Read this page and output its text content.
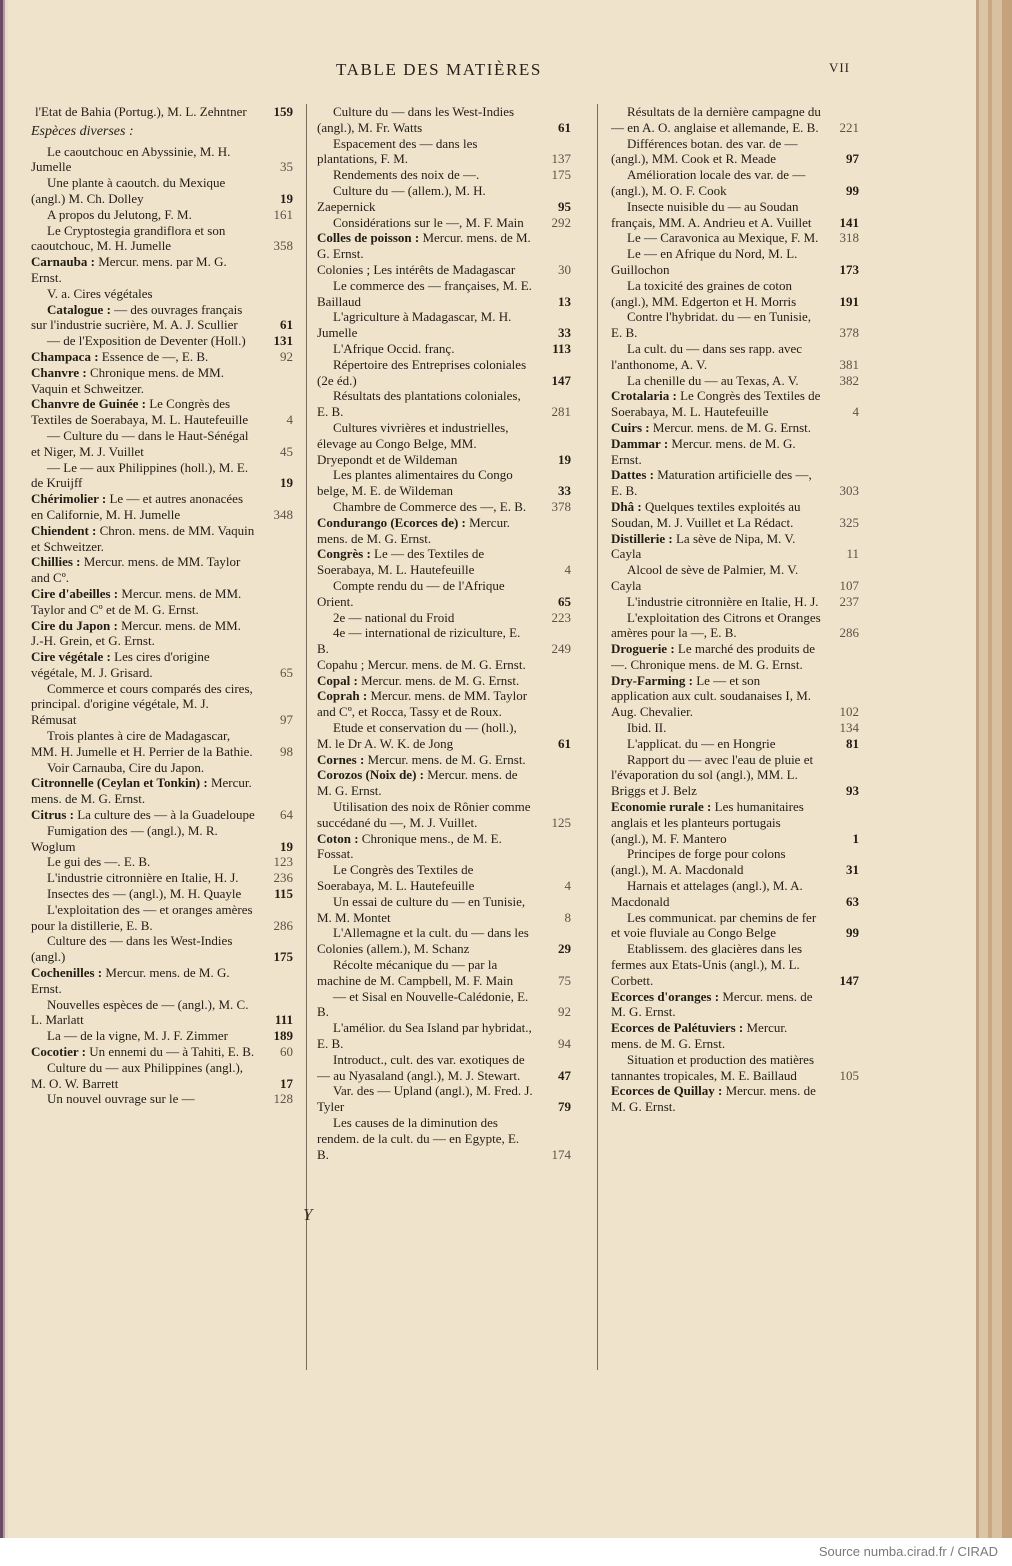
TABLE DES MATIÈRES	VII
l'Etat de Bahia (Portug.), M. L. Zehntner	159
Espèces diverses :
Le caoutchouc en Abyssinie, M. H. Jumelle	35
Une plante à caoutch. du Mexique (angl.) M. Ch. Dolley	19
A propos du Jelutong, F. M.	161
Le Cryptostegia grandiflora et son caoutchouc, M. H. Jumelle	358
Carnauba : Mercur. mens. par M. G. Ernst.
V. a. Cires végétales
Catalogue : — des ouvrages français sur l'industrie sucrière, M. A. J. Scullier	61
— de l'Exposition de Deventer (Holl.)	131
Champaca : Essence de —, E. B.	92
Chanvre : Chronique mens. de MM. Vaquin et Schweitzer.
Chanvre de Guinée : Le Congrès des Textiles de Soerabaya, M. L. Hautefeuille	4
— Culture du — dans le Haut-Sénégal et Niger, M. J. Vuillet	45
— Le — aux Philippines (holl.), M. E. de Kruijff	19
Chérimolier : Le — et autres anonacées en Californie, M. H. Jumelle	348
Chiendent : Chron. mens. de MM. Vaquin et Schweitzer.
Chillies : Mercur. mens. de MM. Taylor and Cº.
Cire d'abeilles : Mercur. mens. de MM. Taylor and Cº et de M. G. Ernst.
Cire du Japon : Mercur. mens. de MM. J.-H. Grein, et G. Ernst.
Cire végétale : Les cires d'origine végétale, M. J. Grisard.	65
Commerce et cours comparés des cires, principal. d'origine végétale, M. J. Rémusat	97
Trois plantes à cire de Madagascar, MM. H. Jumelle et H. Perrier de la Bathie.	98
Voir Carnauba, Cire du Japon.
Citronnelle (Ceylan et Tonkin) : Mercur. mens. de M. G. Ernst.
Citrus : La culture des — à la Guadeloupe	64
Fumigation des — (angl.), M. R. Woglum	19
Le gui des —. E. B.	123
L'industrie citronnière en Italie, H. J.	236
Insectes des — (angl.), M. H. Quayle	115
L'exploitation des — et oranges amères pour la distillerie, E. B.	286
Culture des — dans les West-Indies (angl.)	175
Cochenilles : Mercur. mens. de M. G. Ernst.
Nouvelles espèces de — (angl.), M. C. L. Marlatt	111
La — de la vigne, M. J. F. Zimmer	189
Cocotier : Un ennemi du — à Tahiti, E. B.	60
Culture du — aux Philippines (angl.), M. O. W. Barrett	17
Un nouvel ouvrage sur le —	128
Culture du — dans les West-Indies (angl.), M. Fr. Watts	61
Espacement des — dans les plantations, F. M.	137
Rendements des noix de —.	175
Culture du — (allem.), M. H. Zaepernick	95
Considérations sur le —, M. F. Main	292
Colles de poisson : Mercur. mens. de M. G. Ernst.
Colonies ; Les intérêts de Madagascar	30
Le commerce des — françaises, M. E. Baillaud	13
L'agriculture à Madagascar, M. H. Jumelle	33
L'Afrique Occid. franç.	113
Répertoire des Entreprises coloniales (2e éd.)	147
Résultats des plantations coloniales, E. B.	281
Cultures vivrières et industrielles, élevage au Congo Belge, MM. Dryepondt et de Wildeman	19
Les plantes alimentaires du Congo belge, M. E. de Wildeman	33
Chambre de Commerce des —, E. B.	378
Condurango (Ecorces de) : Mercur. mens. de M. G. Ernst.
Congrès : Le — des Textiles de Soerabaya, M. L. Hautefeuille	4
Compte rendu du — de l'Afrique Orient.	65
2e — national du Froid	223
4e — international de riziculture, E. B.	249
Copahu ; Mercur. mens. de M. G. Ernst.
Copal : Mercur. mens. de M. G. Ernst.
Coprah : Mercur. mens. de MM. Taylor and Cº, et Rocca, Tassy et de Roux.
Etude et conservation du — (holl.), M. le Dr A. W. K. de Jong	61
Cornes : Mercur. mens. de M. G. Ernst.
Corozos (Noix de) : Mercur. mens. de M. G. Ernst.
Utilisation des noix de Rônier comme succédané du —, M. J. Vuillet.	125
Coton : Chronique mens., de M. E. Fossat.
Le Congrès des Textiles de Soerabaya, M. L. Hautefeuille	4
Un essai de culture du — en Tunisie, M. M. Montet	8
L'Allemagne et la cult. du — dans les Colonies (allem.), M. Schanz	29
Récolte mécanique du — par la machine de M. Campbell, M. F. Main	75
— et Sisal en Nouvelle-Calédonie, E. B.	92
L'amélior. du Sea Island par hybridat., E. B.	94
Introduct., cult. des var. exotiques de — au Nyasaland (angl.), M. J. Stewart.	47
Var. des — Upland (angl.), M. Fred. J. Tyler	79
Les causes de la diminution des rendem. de la cult. du — en Egypte, E. B.	174
Résultats de la dernière campagne du — en A. O. anglaise et allemande, E. B.	221
Différences botan. des var. de — (angl.), MM. Cook et R. Meade	97
Amélioration locale des var. de — (angl.), M. O. F. Cook	99
Insecte nuisible du — au Soudan français, MM. A. Andrieu et A. Vuillet	141
Le — Caravonica au Mexique, F. M.	318
Le — en Afrique du Nord, M. L. Guillochon	173
La toxicité des graines de coton (angl.), MM. Edgerton et H. Morris	191
Contre l'hybridat. du — en Tunisie, E. B.	378
La cult. du — dans ses rapp. avec l'anthonome, A. V.	381
La chenille du — au Texas, A. V.	382
Crotalaria : Le Congrès des Textiles de Soerabaya, M. L. Hautefeuille	4
Cuirs : Mercur. mens. de M. G. Ernst.
Dammar : Mercur. mens. de M. G. Ernst.
Dattes : Maturation artificielle des —, E. B.	303
Dhâ : Quelques textiles exploités au Soudan, M. J. Vuillet et La Rédact.	325
Distillerie : La sève de Nipa, M. V. Cayla	11
Alcool de sève de Palmier, M. V. Cayla	107
L'industrie citronnière en Italie, H. J.	237
L'exploitation des Citrons et Oranges amères pour la —, E. B.	286
Droguerie : Le marché des produits de —. Chronique mens. de M. G. Ernst.
Dry-Farming : Le — et son application aux cult. soudanaises I, M. Aug. Chevalier.	102
Ibid. II.	134
L'applicat. du — en Hongrie	81
Rapport du — avec l'eau de pluie et l'évaporation du sol (angl.), MM. L. Briggs et J. Belz	93
Economie rurale : Les humanitaires anglais et les planteurs portugais (angl.), M. F. Mantero	1
Principes de forge pour colons (angl.), M. A. Macdonald	31
Harnais et attelages (angl.), M. A. Macdonald	63
Les communicat. par chemins de fer et voie fluviale au Congo Belge	99
Etablissem. des glacières dans les fermes aux Etats-Unis (angl.), M. L. Corbett.	147
Ecorces d'oranges : Mercur. mens. de M. G. Ernst.
Ecorces de Palétuviers : Mercur. mens. de M. G. Ernst.
Situation et production des matières tannantes tropicales, M. E. Baillaud	105
Ecorces de Quillay : Mercur. mens. de M. G. Ernst.
Y
Source numba.cirad.fr / CIRAD
